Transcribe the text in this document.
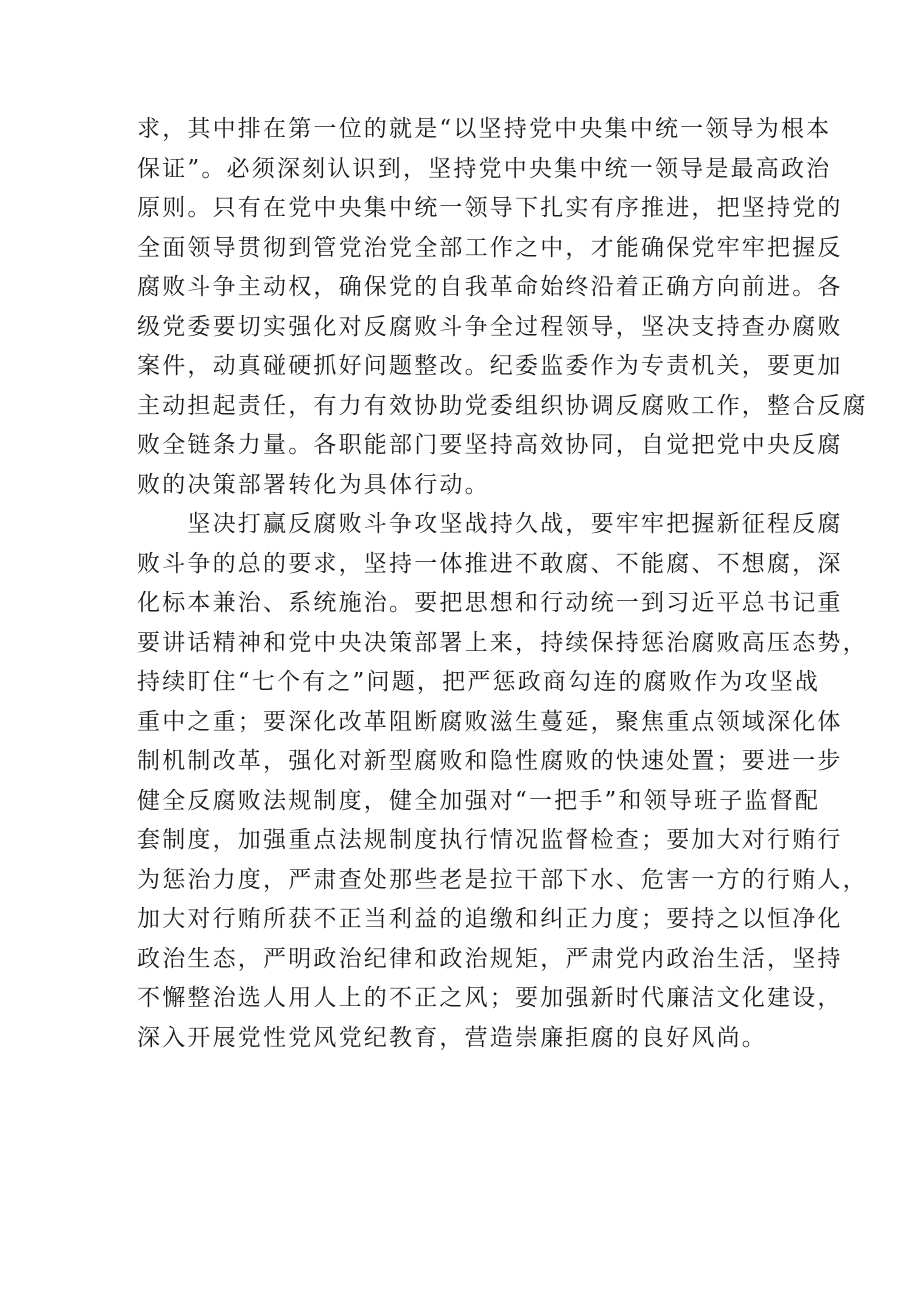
求，其中排在第一位的就是“以坚持党中央集中统一领导为根本
保证”。必须深刻认识到，坚持党中央集中统一领导是最高政治
原则。只有在党中央集中统一领导下扎实有序推进，把坚持党的
全面领导贯彻到管党治党全部工作之中，才能确保党牢牢把握反
腐败斗争主动权，确保党的自我革命始终沿着正确方向前进。各
级党委要切实强化对反腐败斗争全过程领导，坚决支持查办腐败
案件，动真碰硬抓好问题整改。纪委监委作为专责机关，要更加
主动担起责任，有力有效协助党委组织协调反腐败工作，整合反腐
败全链条力量。各职能部门要坚持高效协同，自觉把党中央反腐
败的决策部署转化为具体行动。
　　坚决打赢反腐败斗争攻坚战持久战，要牢牢把握新征程反腐
败斗争的总的要求，坚持一体推进不敢腐、不能腐、不想腐，深
化标本兼治、系统施治。要把思想和行动统一到习近平总书记重
要讲话精神和党中央决策部署上来，持续保持惩治腐败高压态势，
持续盯住“七个有之”问题，把严惩政商勾连的腐败作为攻坚战
重中之重；要深化改革阻断腐败滋生蔓延，聚焦重点领域深化体
制机制改革，强化对新型腐败和隐性腐败的快速处置；要进一步
健全反腐败法规制度，健全加强对“一把手”和领导班子监督配
套制度，加强重点法规制度执行情况监督检查；要加大对行贿行
为惩治力度，严肃查处那些老是拉干部下水、危害一方的行贿人，
加大对行贿所获不正当利益的追缴和纠正力度；要持之以恒净化
政治生态，严明政治纪律和政治规矩，严肃党内政治生活，坚持
不懈整治选人用人上的不正之风；要加强新时代廉洁文化建设，
深入开展党性党风党纪教育，营造崇廉拒腐的良好风尚。
